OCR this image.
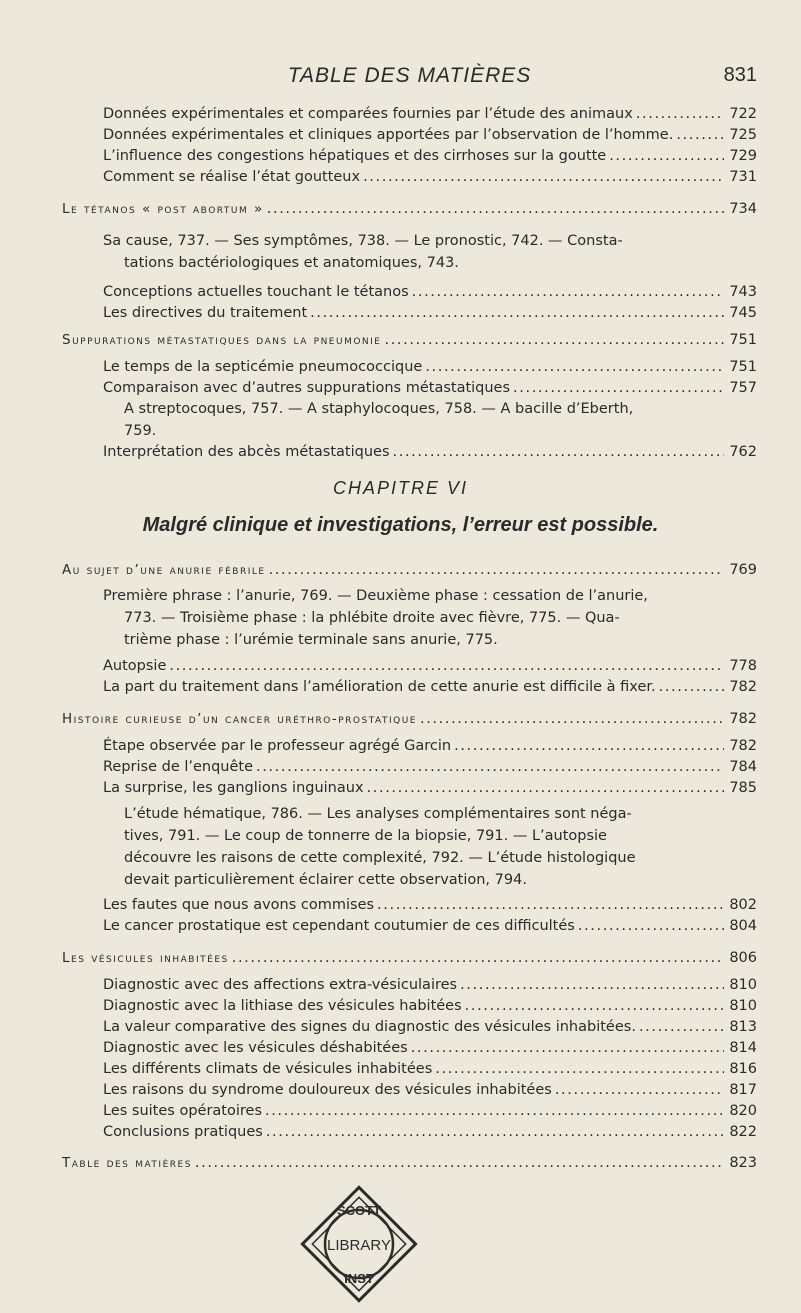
TABLE DES MATIÈRES	831
Données expérimentales et comparées fournies par l’étude des animaux . . .	722
Données expérimentales et cliniques apportées par l’observation de l’homme. . . .	725
L’influence des congestions hépatiques et des cirrhoses sur la goutte . . .	729
Comment se réalise l’état goutteux . . .	731
Le tétanos « post abortum » . . .	734
Sa cause, 737. — Ses symptômes, 738. — Le pronostic, 742. — Consta-
tations bactériologiques et anatomiques, 743.
Conceptions actuelles touchant le tétanos . . .	743
Les directives du traitement . . .	745
Suppurations métastatiques dans la pneumonie . . .	751
Le temps de la septicémie pneumococcique . . .	751
Comparaison avec d’autres suppurations métastatiques . . .	757
A streptocoques, 757. — A staphylocoques, 758. — A bacille d’Eberth,
759.
Interprétation des abcès métastatiques . . .	762
CHAPITRE VI
Malgré clinique et investigations, l’erreur est possible.
Au sujet d’une anurie fébrile . . .	769
Première phrase : l’anurie, 769. — Deuxième phase : cessation de l’anurie,
773. — Troisième phase : la phlébite droite avec fièvre, 775. — Qua-
trième phase : l’urémie terminale sans anurie, 775.
Autopsie . . .	778
La part du traitement dans l’amélioration de cette anurie est difficile à fixer. . . .	782
Histoire curieuse d’un cancer uréthro-prostatique . . .	782
Étape observée par le professeur agrégé Garcin . . .	782
Reprise de l’enquête . . .	784
La surprise, les ganglions inguinaux . . .	785
L’étude hématique, 786. — Les analyses complémentaires sont néga-
tives, 791. — Le coup de tonnerre de la biopsie, 791. — L’autopsie
découvre les raisons de cette complexité, 792. — L’étude histologique
devait particulièrement éclairer cette observation, 794.
Les fautes que nous avons commises . . .	802
Le cancer prostatique est cependant coutumier de ces difficultés . . .	804
Les vésicules inhabitées . . .	806
Diagnostic avec des affections extra-vésiculaires . . .	810
Diagnostic avec la lithiase des vésicules habitées . . .	810
La valeur comparative des signes du diagnostic des vésicules inhabitées. . . .	813
Diagnostic avec les vésicules déshabitées . . .	814
Les différents climats de vésicules inhabitées . . .	816
Les raisons du syndrome douloureux des vésicules inhabitées . . .	817
Les suites opératoires . . .	820
Conclusions pratiques . . .	822
Table des matières . . .	823
SCOTT
LIBRARY
INST
